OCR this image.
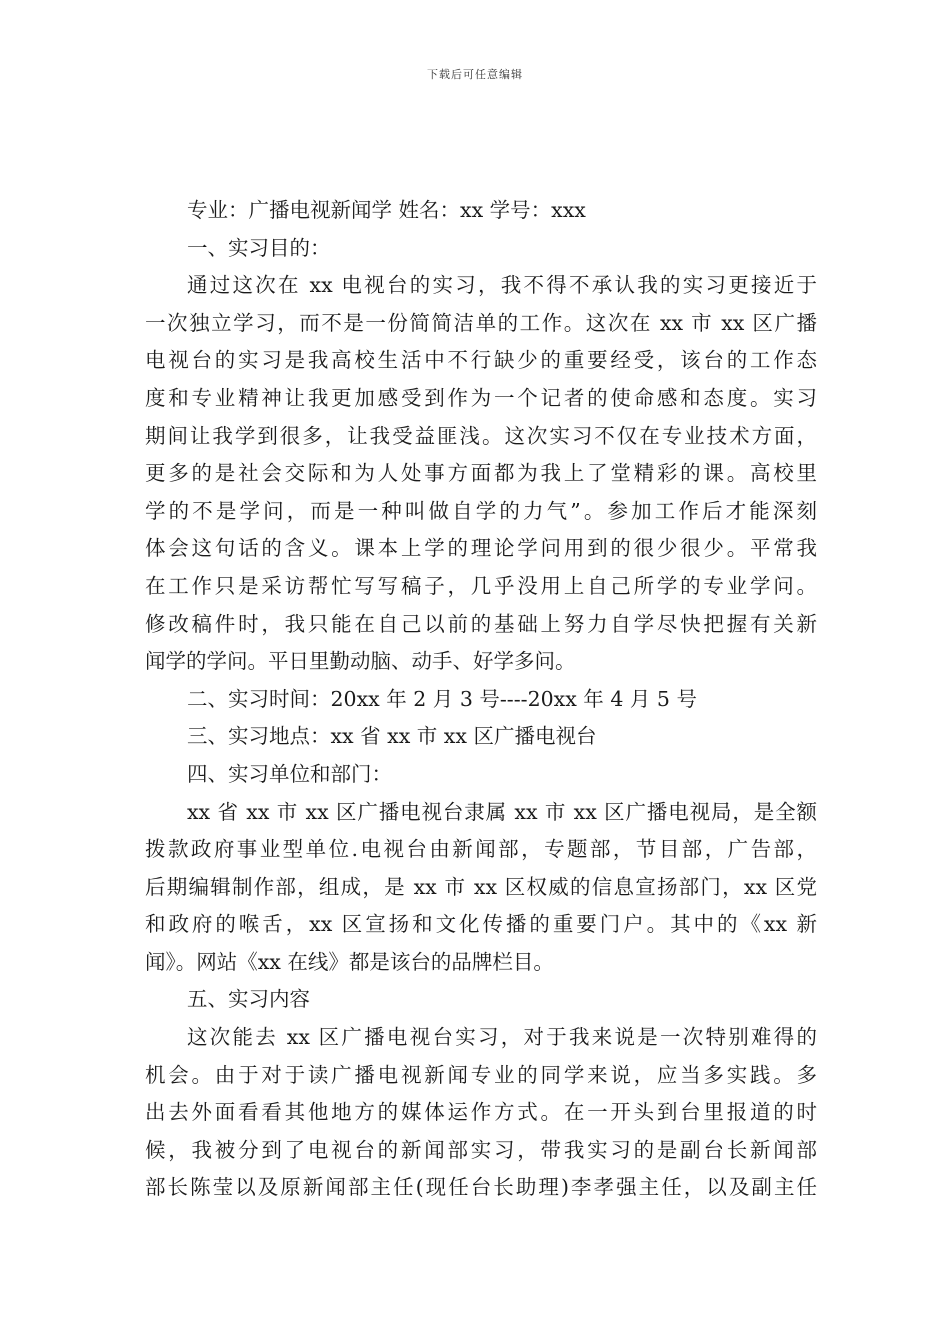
下载后可任意编辑
专业：广播电视新闻学 姓名：xx 学号：xxx
一、实习目的：
通过这次在 xx 电视台的实习，我不得不承认我的实习更接近于
一次独立学习，而不是一份简简洁单的工作。这次在 xx 市 xx 区广播
电视台的实习是我高校生活中不行缺少的重要经受，该台的工作态
度和专业精神让我更加感受到作为一个记者的使命感和态度。实习
期间让我学到很多，让我受益匪浅。这次实习不仅在专业技术方面，
更多的是社会交际和为人处事方面都为我上了堂精彩的课。高校里
学的不是学问，而是一种叫做自学的力气”。参加工作后才能深刻
体会这句话的含义。课本上学的理论学问用到的很少很少。平常我
在工作只是采访帮忙写写稿子，几乎没用上自己所学的专业学问。
修改稿件时，我只能在自己以前的基础上努力自学尽快把握有关新
闻学的学问。平日里勤动脑、动手、好学多问。
二、实习时间：20xx 年 2 月 3 号----20xx 年 4 月 5 号
三、实习地点：xx 省 xx 市 xx 区广播电视台
四、实习单位和部门：
xx 省 xx 市 xx 区广播电视台隶属 xx 市 xx 区广播电视局，是全额
拨款政府事业型单位.电视台由新闻部，专题部，节目部，广告部，
后期编辑制作部，组成，是 xx 市 xx 区权威的信息宣扬部门，xx 区党
和政府的喉舌，xx 区宣扬和文化传播的重要门户。其中的《xx 新
闻》。网站《xx 在线》都是该台的品牌栏目。
五、实习内容
这次能去 xx 区广播电视台实习，对于我来说是一次特别难得的
机会。由于对于读广播电视新闻专业的同学来说，应当多实践。多
出去外面看看其他地方的媒体运作方式。在一开头到台里报道的时
候，我被分到了电视台的新闻部实习，带我实习的是副台长新闻部
部长陈莹以及原新闻部主任(现任台长助理)李孝强主任，以及副主任
